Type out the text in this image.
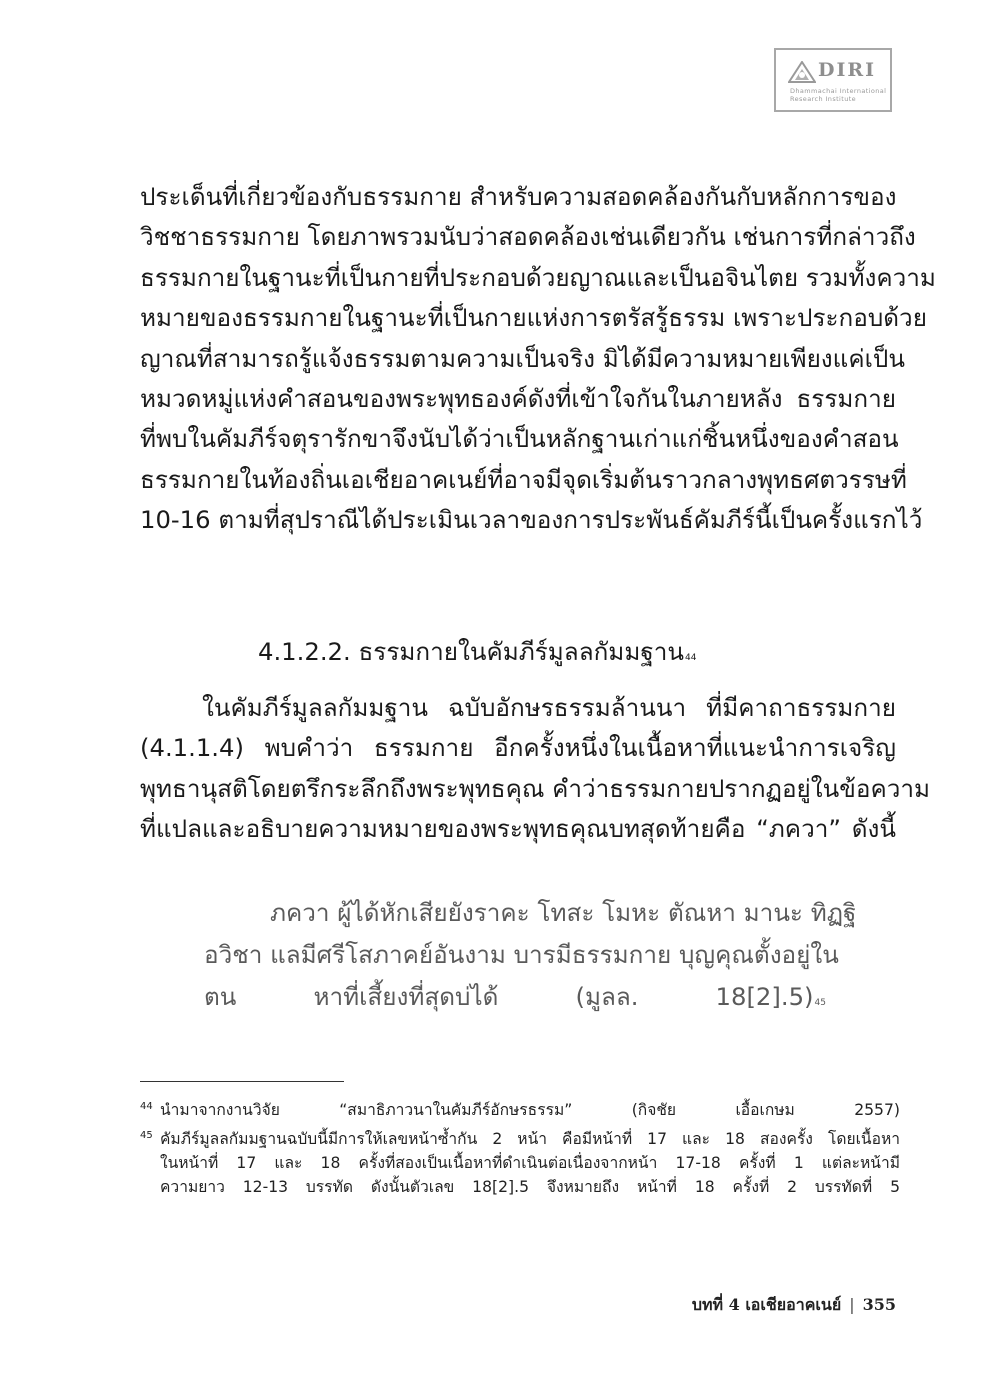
DIRI
Dhammachai International
Research Institute
ประเด็นที่เกี่ยวข้องกับธรรมกาย สำหรับความสอดคล้องกันกับหลักการของ
วิชชาธรรมกาย โดยภาพรวมนับว่าสอดคล้องเช่นเดียวกัน เช่นการที่กล่าวถึง
ธรรมกายในฐานะที่เป็นกายที่ประกอบด้วยญาณและเป็นอจินไตย รวมทั้งความ
หมายของธรรมกายในฐานะที่เป็นกายแห่งการตรัสรู้ธรรม เพราะประกอบด้วย
ญาณที่สามารถรู้แจ้งธรรมตามความเป็นจริง มิได้มีความหมายเพียงแค่เป็น
หมวดหมู่แห่งคำสอนของพระพุทธองค์ดังที่เข้าใจกันในภายหลัง ธรรมกาย
ที่พบในคัมภีร์จตุรารักขาจึงนับได้ว่าเป็นหลักฐานเก่าแก่ชิ้นหนึ่งของคำสอน
ธรรมกายในท้องถิ่นเอเชียอาคเนย์ที่อาจมีจุดเริ่มต้นราวกลางพุทธศตวรรษที่
10-16 ตามที่สุปราณีได้ประเมินเวลาของการประพันธ์คัมภีร์นี้เป็นครั้งแรกไว้
4.1.2.2. ธรรมกายในคัมภีร์มูลลกัมมฐาน$^{44}$
ในคัมภีร์มูลลกัมมฐาน ฉบับอักษรธรรมล้านนา ที่มีคาถาธรรมกาย
(4.1.1.4) พบคำว่า ธรรมกาย อีกครั้งหนึ่งในเนื้อหาที่แนะนำการเจริญ
พุทธานุสติโดยตรึกระลึกถึงพระพุทธคุณ คำว่าธรรมกายปรากฏอยู่ในข้อความ
ที่แปลและอธิบายความหมายของพระพุทธคุณบทสุดท้ายคือ “ภควา” ดังนี้
ภควา ผู้ได้หักเสียยังราคะ โทสะ โมหะ ตัณหา มานะ ทิฏฐิ
อวิชา แลมีศรีโสภาคย์อันงาม บารมีธรรมกาย บุญคุณตั้งอยู่ใน
ตน หาที่เสี้ยงที่สุดบ่ได้ (มูลล. 18[2].5)$^{45}$
44 นำมาจากงานวิจัย “สมาธิภาวนาในคัมภีร์อักษรธรรม” (กิจชัย เอื้อเกษม 2557)
45 คัมภีร์มูลลกัมมฐานฉบับนี้มีการให้เลขหน้าซ้ำกัน 2 หน้า คือมีหน้าที่ 17 และ 18 สองครั้ง โดยเนื้อหา
ในหน้าที่ 17 และ 18 ครั้งที่สองเป็นเนื้อหาที่ดำเนินต่อเนื่องจากหน้า 17-18 ครั้งที่ 1 แต่ละหน้ามี
ความยาว 12-13 บรรทัด ดังนั้นตัวเลข 18[2].5 จึงหมายถึง หน้าที่ 18 ครั้งที่ 2 บรรทัดที่ 5
บทที่ 4 เอเชียอาคเนย์ | 355
